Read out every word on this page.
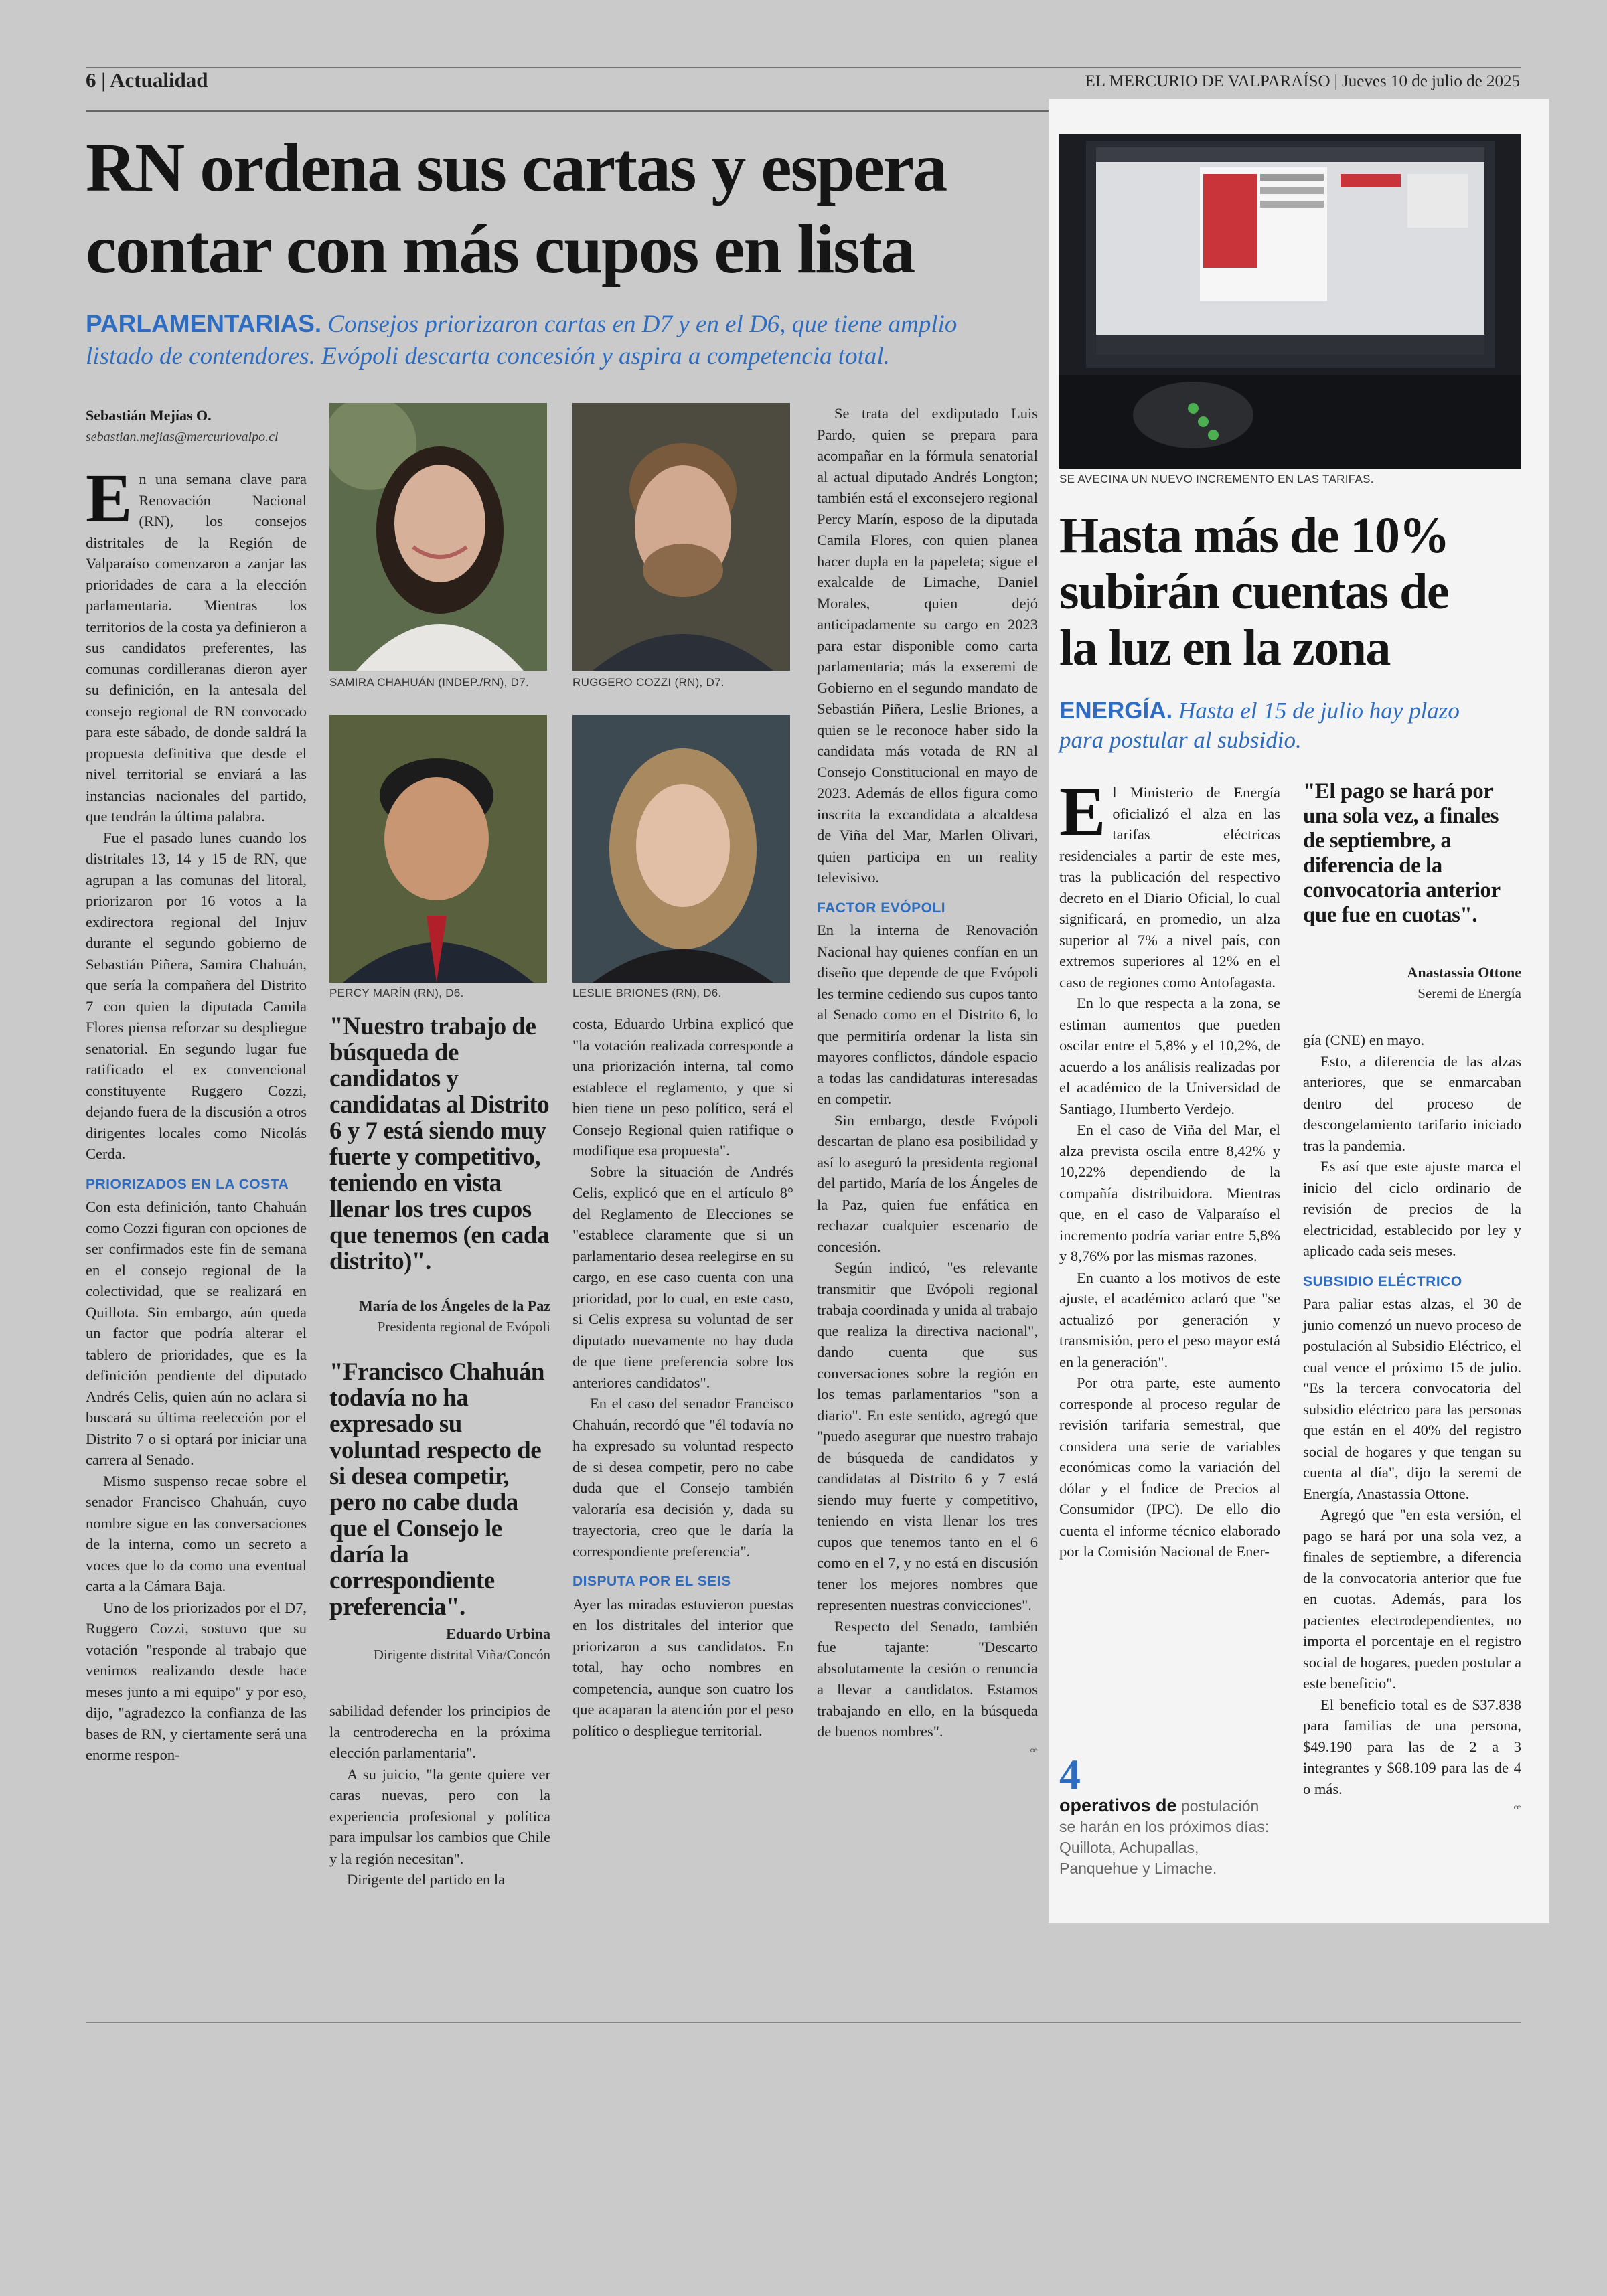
6 | Actualidad	EL MERCURIO DE VALPARAÍSO | Jueves 10 de julio de 2025
RN ordena sus cartas y espera
contar con más cupos en lista
PARLAMENTARIAS. Consejos priorizaron cartas en D7 y en el D6, que tiene amplio
listado de contendores. Evópoli descarta concesión y aspira a competencia total.
Sebastián Mejías O.
sebastian.mejias@mercuriovalpo.cl

En una semana clave para Renovación Nacional (RN), los consejos distritales de la Región de Valparaíso comenzaron a zanjar las prioridades de cara a la elección parlamentaria. Mientras los territorios de la costa ya definieron a sus candidatos preferentes, las comunas cordilleranas dieron ayer su definición, en la antesala del consejo regional de RN convocado para este sábado, de donde saldrá la propuesta definitiva que desde el nivel territorial se enviará a las instancias nacionales del partido, que tendrán la última palabra.

Fue el pasado lunes cuando los distritales 13, 14 y 15 de RN, que agrupan a las comunas del litoral, priorizaron por 16 votos a la exdirectora regional del Injuv durante el segundo gobierno de Sebastián Piñera, Samira Chahuán, que sería la compañera del Distrito 7 con quien la diputada Camila Flores piensa reforzar su despliegue senatorial. En segundo lugar fue ratificado el ex convencional constituyente Ruggero Cozzi, dejando fuera de la discusión a otros dirigentes locales como Nicolás Cerda.

PRIORIZADOS EN LA COSTA

Con esta definición, tanto Chahuán como Cozzi figuran con opciones de ser confirmados este fin de semana en el consejo regional de la colectividad, que se realizará en Quillota. Sin embargo, aún queda un factor que podría alterar el tablero de prioridades, que es la definición pendiente del diputado Andrés Celis, quien aún no aclara si buscará su última reelección por el Distrito 7 o si optará por iniciar una carrera al Senado.

Mismo suspenso recae sobre el senador Francisco Chahuán, cuyo nombre sigue en las conversaciones de la interna, como un secreto a voces que lo da como una eventual carta a la Cámara Baja.

Uno de los priorizados por el D7, Ruggero Cozzi, sostuvo que su votación "responde al trabajo que venimos realizando desde hace meses junto a mi equipo" y por eso, dijo, "agradezco la confianza de las bases de RN, y ciertamente será una enorme respon-

SAMIRA CHAHUÁN (INDEP./RN), D7.	RUGGERO COZZI (RN), D7.
PERCY MARÍN (RN), D6.	LESLIE BRIONES (RN), D6.
"Nuestro trabajo de búsqueda de candidatos y candidatas al Distrito 6 y 7 está siendo muy fuerte y competitivo, teniendo en vista llenar los tres cupos que tenemos (en cada distrito)".
María de los Ángeles de la Paz
Presidenta regional de Evópoli
"Francisco Chahuán todavía no ha expresado su voluntad respecto de si desea competir, pero no cabe duda que el Consejo le daría la correspondiente preferencia".
Eduardo Urbina
Dirigente distrital Viña/Concón

sabilidad defender los principios de la centroderecha en la próxima elección parlamentaria".

A su juicio, "la gente quiere ver caras nuevas, pero con la experiencia profesional y política para impulsar los cambios que Chile y la región necesitan".

Dirigente del partido en la

costa, Eduardo Urbina explicó que "la votación realizada corresponde a una priorización interna, tal como establece el reglamento, y que si bien tiene un peso político, será el Consejo Regional quien ratifique o modifique esa propuesta".

Sobre la situación de Andrés Celis, explicó que en el artículo 8° del Reglamento de Elecciones se "establece claramente que si un parlamentario desea reelegirse en su cargo, en ese caso cuenta con una prioridad, por lo cual, en este caso, si Celis expresa su voluntad de ser diputado nuevamente no hay duda de que tiene preferencia sobre los anteriores candidatos".

En el caso del senador Francisco Chahuán, recordó que "él todavía no ha expresado su voluntad respecto de si desea competir, pero no cabe duda que el Consejo también valoraría esa decisión y, dada su trayectoria, creo que le daría la correspondiente preferencia".

DISPUTA POR EL SEIS

Ayer las miradas estuvieron puestas en los distritales del interior que priorizaron a sus candidatos. En total, hay ocho nombres en competencia, aunque son cuatro los que acaparan la atención por el peso político o despliegue territorial.

Se trata del exdiputado Luis Pardo, quien se prepara para acompañar en la fórmula senatorial al actual diputado Andrés Longton; también está el exconsejero regional Percy Marín, esposo de la diputada Camila Flores, con quien planea hacer dupla en la papeleta; sigue el exalcalde de Limache, Daniel Morales, quien dejó anticipadamente su cargo en 2023 para estar disponible como carta parlamentaria; más la exseremi de Gobierno en el segundo mandato de Sebastián Piñera, Leslie Briones, a quien se le reconoce haber sido la candidata más votada de RN al Consejo Constitucional en mayo de 2023. Además de ellos figura como inscrita la excandidata a alcaldesa de Viña del Mar, Marlen Olivari, quien participa en un reality televisivo.

FACTOR EVÓPOLI

En la interna de Renovación Nacional hay quienes confían en un diseño que depende de que Evópoli les termine cediendo sus cupos tanto al Senado como en el Distrito 6, lo que permitiría ordenar la lista sin mayores conflictos, dándole espacio a todas las candidaturas interesadas en competir.

Sin embargo, desde Evópoli descartan de plano esa posibilidad y así lo aseguró la presidenta regional del partido, María de los Ángeles de la Paz, quien fue enfática en rechazar cualquier escenario de concesión.

Según indicó, "es relevante transmitir que Evópoli regional trabaja coordinada y unida al trabajo que realiza la directiva nacional", dando cuenta que sus conversaciones sobre la región en los temas parlamentarios "son a diario". En este sentido, agregó que "puedo asegurar que nuestro trabajo de búsqueda de candidatos y candidatas al Distrito 6 y 7 está siendo muy fuerte y competitivo, teniendo en vista llenar los tres cupos que tenemos tanto en el 6 como en el 7, y no está en discusión tener los mejores nombres que representen nuestras convicciones".

Respecto del Senado, también fue tajante: "Descarto absolutamente la cesión o renuncia a llevar a candidatos. Estamos trabajando en ello, en la búsqueda de buenos nombres".

ꟹ
SE AVECINA UN NUEVO INCREMENTO EN LAS TARIFAS.
Hasta más de 10%
subirán cuentas de
la luz en la zona
ENERGÍA. Hasta el 15 de julio hay plazo
para postular al subsidio.

El Ministerio de Energía oficializó el alza en las tarifas eléctricas residenciales a partir de este mes, tras la publicación del respectivo decreto en el Diario Oficial, lo cual significará, en promedio, un alza superior al 7% a nivel país, con extremos superiores al 12% en el caso de regiones como Antofagasta.

En lo que respecta a la zona, se estiman aumentos que pueden oscilar entre el 5,8% y el 10,2%, de acuerdo a los análisis realizadas por el académico de la Universidad de Santiago, Humberto Verdejo.

En el caso de Viña del Mar, el alza prevista oscila entre 8,42% y 10,22% dependiendo de la compañía distribuidora. Mientras que, en el caso de Valparaíso el incremento podría variar entre 5,8% y 8,76% por las mismas razones.

En cuanto a los motivos de este ajuste, el académico aclaró que "se actualizó por generación y transmisión, pero el peso mayor está en la generación".

Por otra parte, este aumento corresponde al proceso regular de revisión tarifaria semestral, que considera una serie de variables económicas como la variación del dólar y el Índice de Precios al Consumidor (IPC). De ello dio cuenta el informe técnico elaborado por la Comisión Nacional de Ener-

4
operativos de postulación se harán en los próximos días: Quillota, Achupallas, Panquehue y Limache.
"El pago se hará por una sola vez, a finales de septiembre, a diferencia de la convocatoria anterior que fue en cuotas".
Anastassia Ottone
Seremi de Energía

gía (CNE) en mayo.

Esto, a diferencia de las alzas anteriores, que se enmarcaban dentro del proceso de descongelamiento tarifario iniciado tras la pandemia.

Es así que este ajuste marca el inicio del ciclo ordinario de revisión de precios de la electricidad, establecido por ley y aplicado cada seis meses.

SUBSIDIO ELÉCTRICO

Para paliar estas alzas, el 30 de junio comenzó un nuevo proceso de postulación al Subsidio Eléctrico, el cual vence el próximo 15 de julio. "Es la tercera convocatoria del subsidio eléctrico para las personas que están en el 40% del registro social de hogares y que tengan su cuenta al día", dijo la seremi de Energía, Anastassia Ottone.

Agregó que "en esta versión, el pago se hará por una sola vez, a finales de septiembre, a diferencia de la convocatoria anterior que fue en cuotas. Además, para los pacientes electrodependientes, no importa el porcentaje en el registro social de hogares, pueden postular a este beneficio".

El beneficio total es de $37.838 para familias de una persona, $49.190 para las de 2 a 3 integrantes y $68.109 para las de 4 o más.

ꟹ
